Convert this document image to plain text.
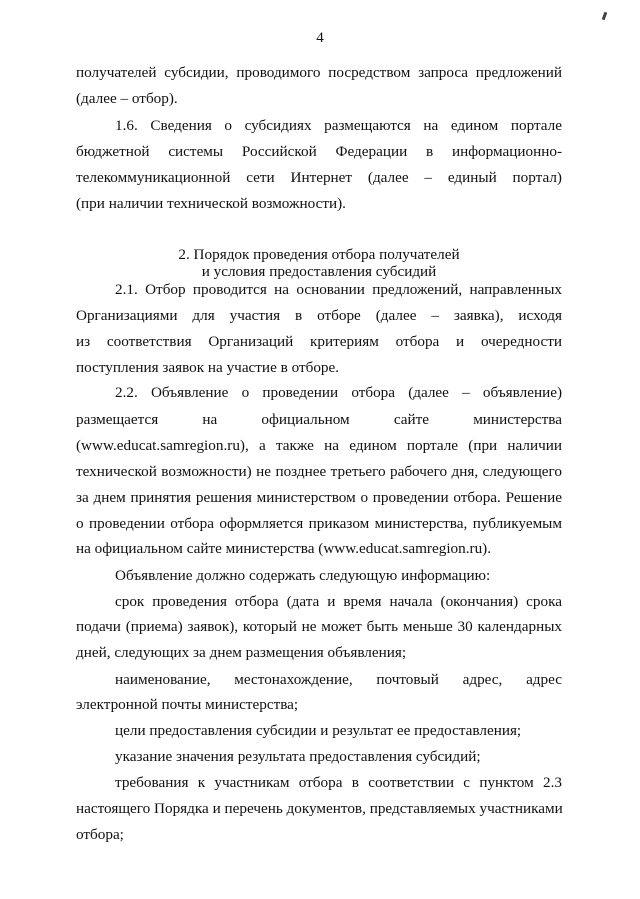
4
получателей субсидии, проводимого посредством запроса предложений
(далее – отбор).
1.6. Сведения о субсидиях размещаются на едином портале
бюджетной системы Российской Федерации в информационно-
телекоммуникационной сети Интернет (далее – единый портал)
(при наличии технической возможности).
2. Порядок проведения отбора получателей
и условия предоставления субсидий
2.1. Отбор проводится на основании предложений, направленных
Организациями для участия в отборе (далее – заявка), исходя
из соответствия Организаций критериям отбора и очередности
поступления заявок на участие в отборе.
2.2. Объявление о проведении отбора (далее – объявление)
размещается на официальном сайте министерства
(www.educat.samregion.ru), а также на едином портале (при наличии
технической возможности) не позднее третьего рабочего дня, следующего
за днем принятия решения министерством о проведении отбора. Решение
о проведении отбора оформляется приказом министерства, публикуемым
на официальном сайте министерства (www.educat.samregion.ru).
Объявление должно содержать следующую информацию:
срок проведения отбора (дата и время начала (окончания) срока
подачи (приема) заявок), который не может быть меньше 30 календарных
дней, следующих за днем размещения объявления;
наименование, местонахождение, почтовый адрес, адрес
электронной почты министерства;
цели предоставления субсидии и результат ее предоставления;
указание значения результата предоставления субсидий;
требования к участникам отбора в соответствии с пунктом 2.3
настоящего Порядка и перечень документов, представляемых участниками
отбора;
